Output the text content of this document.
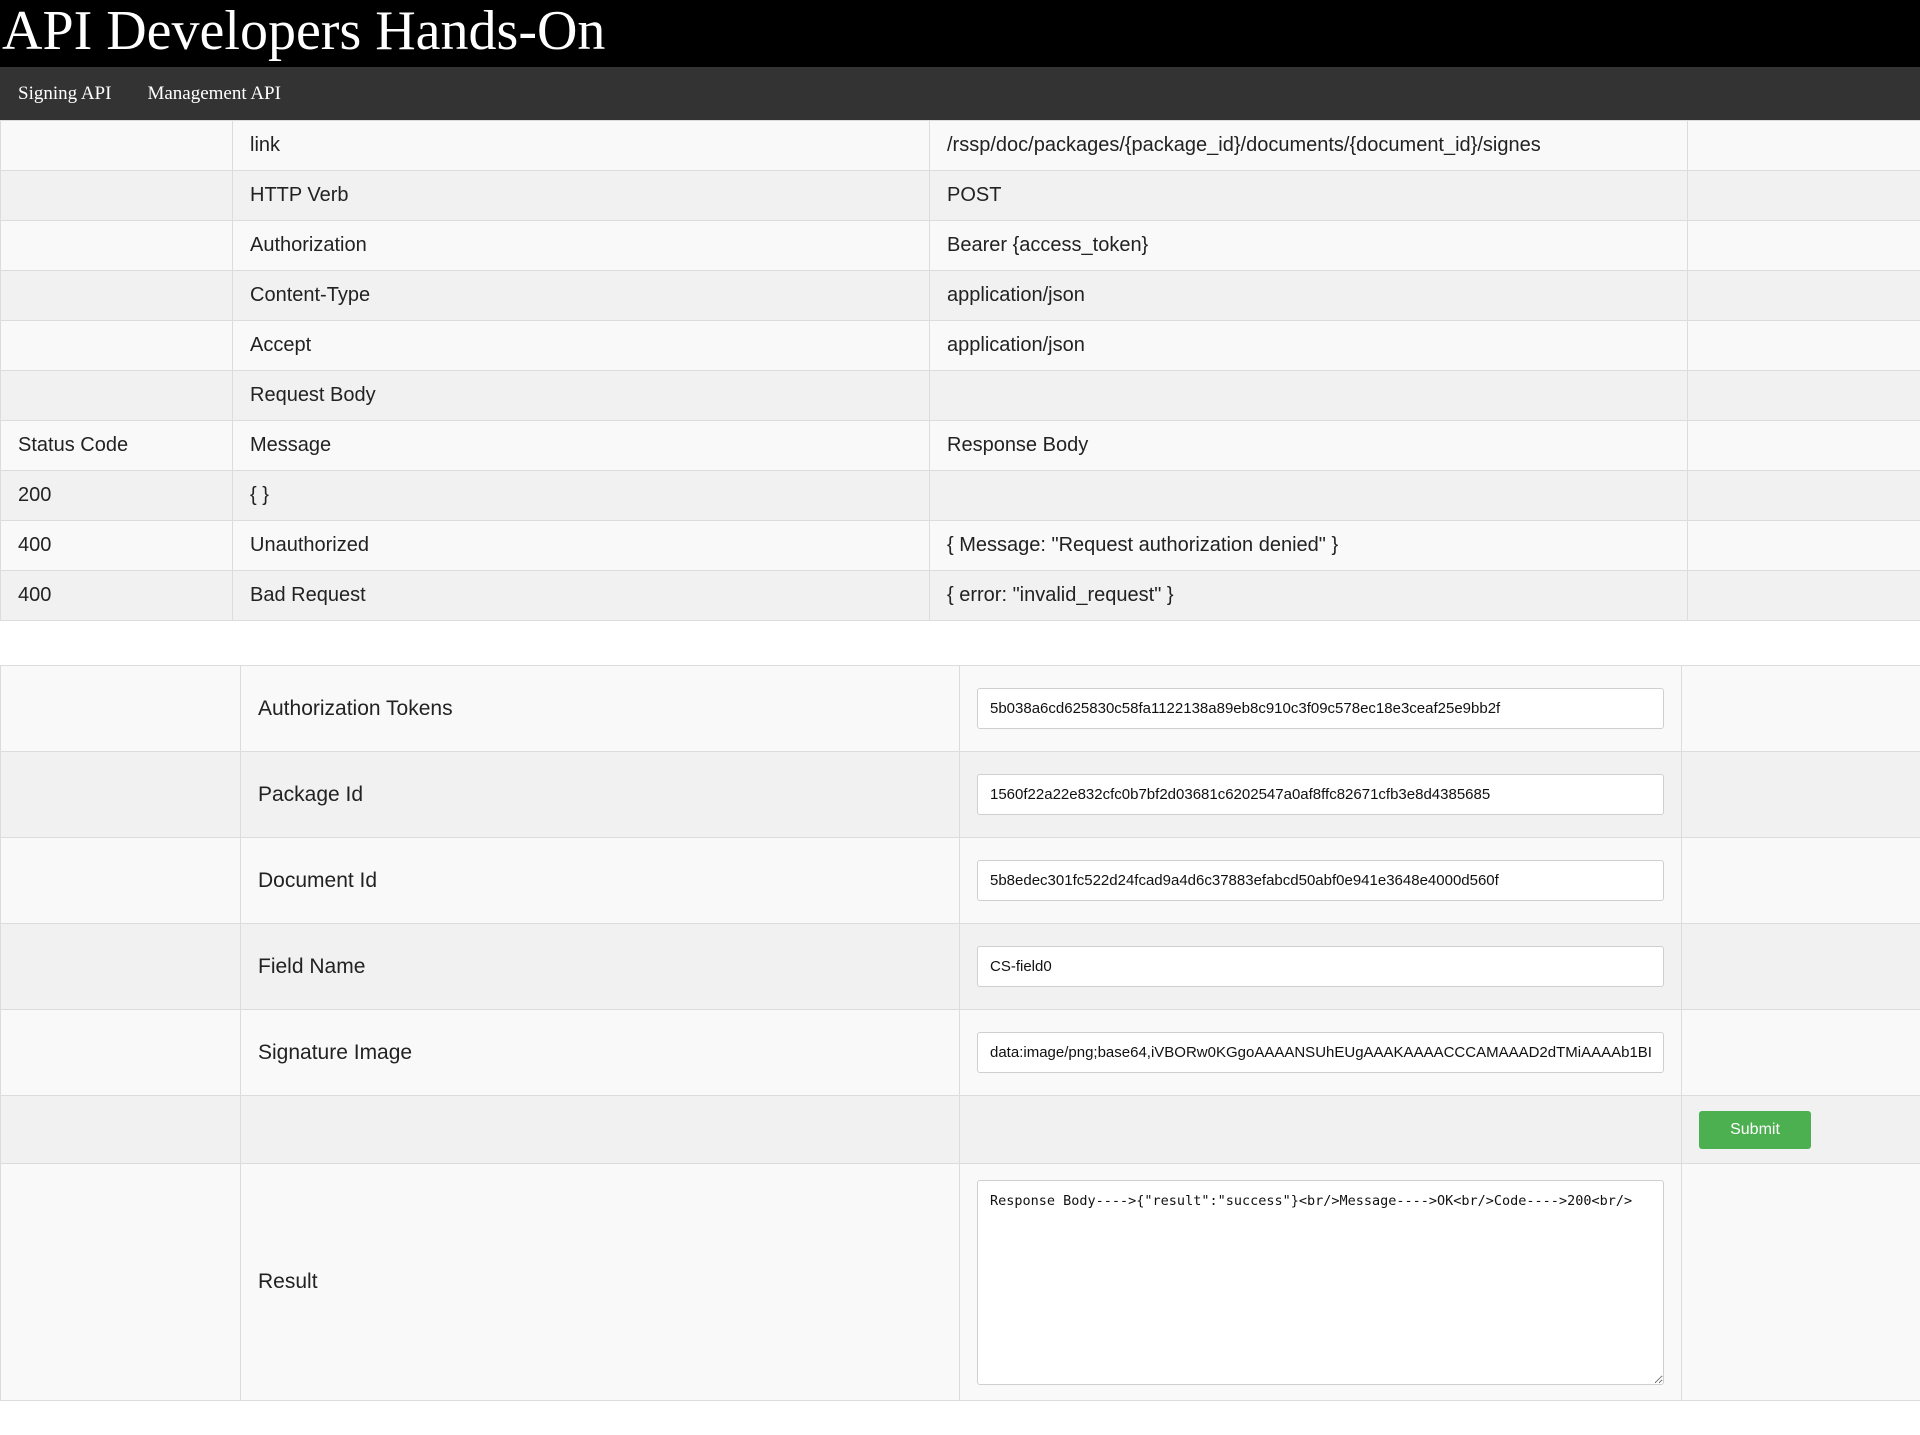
API Developers Hands-On
Signing API	Management API
	link	/rssp/doc/packages/{package_id}/documents/{document_id}/signes	
	HTTP Verb	POST	
	Authorization	Bearer {access_token}	
	Content-Type	application/json	
	Accept	application/json	
	Request Body		
Status Code	Message	Response Body	
200	{ }		
400	Unauthorized	{ Message: "Request authorization denied" }	
400	Bad Request	{ error: "invalid_request" }	
	Authorization Tokens	
5b038a6cd625830c58fa1122138a89eb8c910c3f09c578ec18e3ceaf25e9bb2f	
	Package Id	
1560f22a22e832cfc0b7bf2d03681c6202547a0af8ffc82671cfb3e8d4385685	
	Document Id	
5b8edec301fc522d24fcad9a4d6c37883efabcd50abf0e941e3648e4000d560f	
	Field Name	
CS-field0	
	Signature Image	
data:image/png;base64,iVBORw0KGgoAAAANSUhEUgAAAKAAAACCCAMAAAD2dTMiAAAAb1BI	
			Submit
	Result	
Response Body---->{"result":"success"}<br/>Message---->OK<br/>Code---->200<br/>	
